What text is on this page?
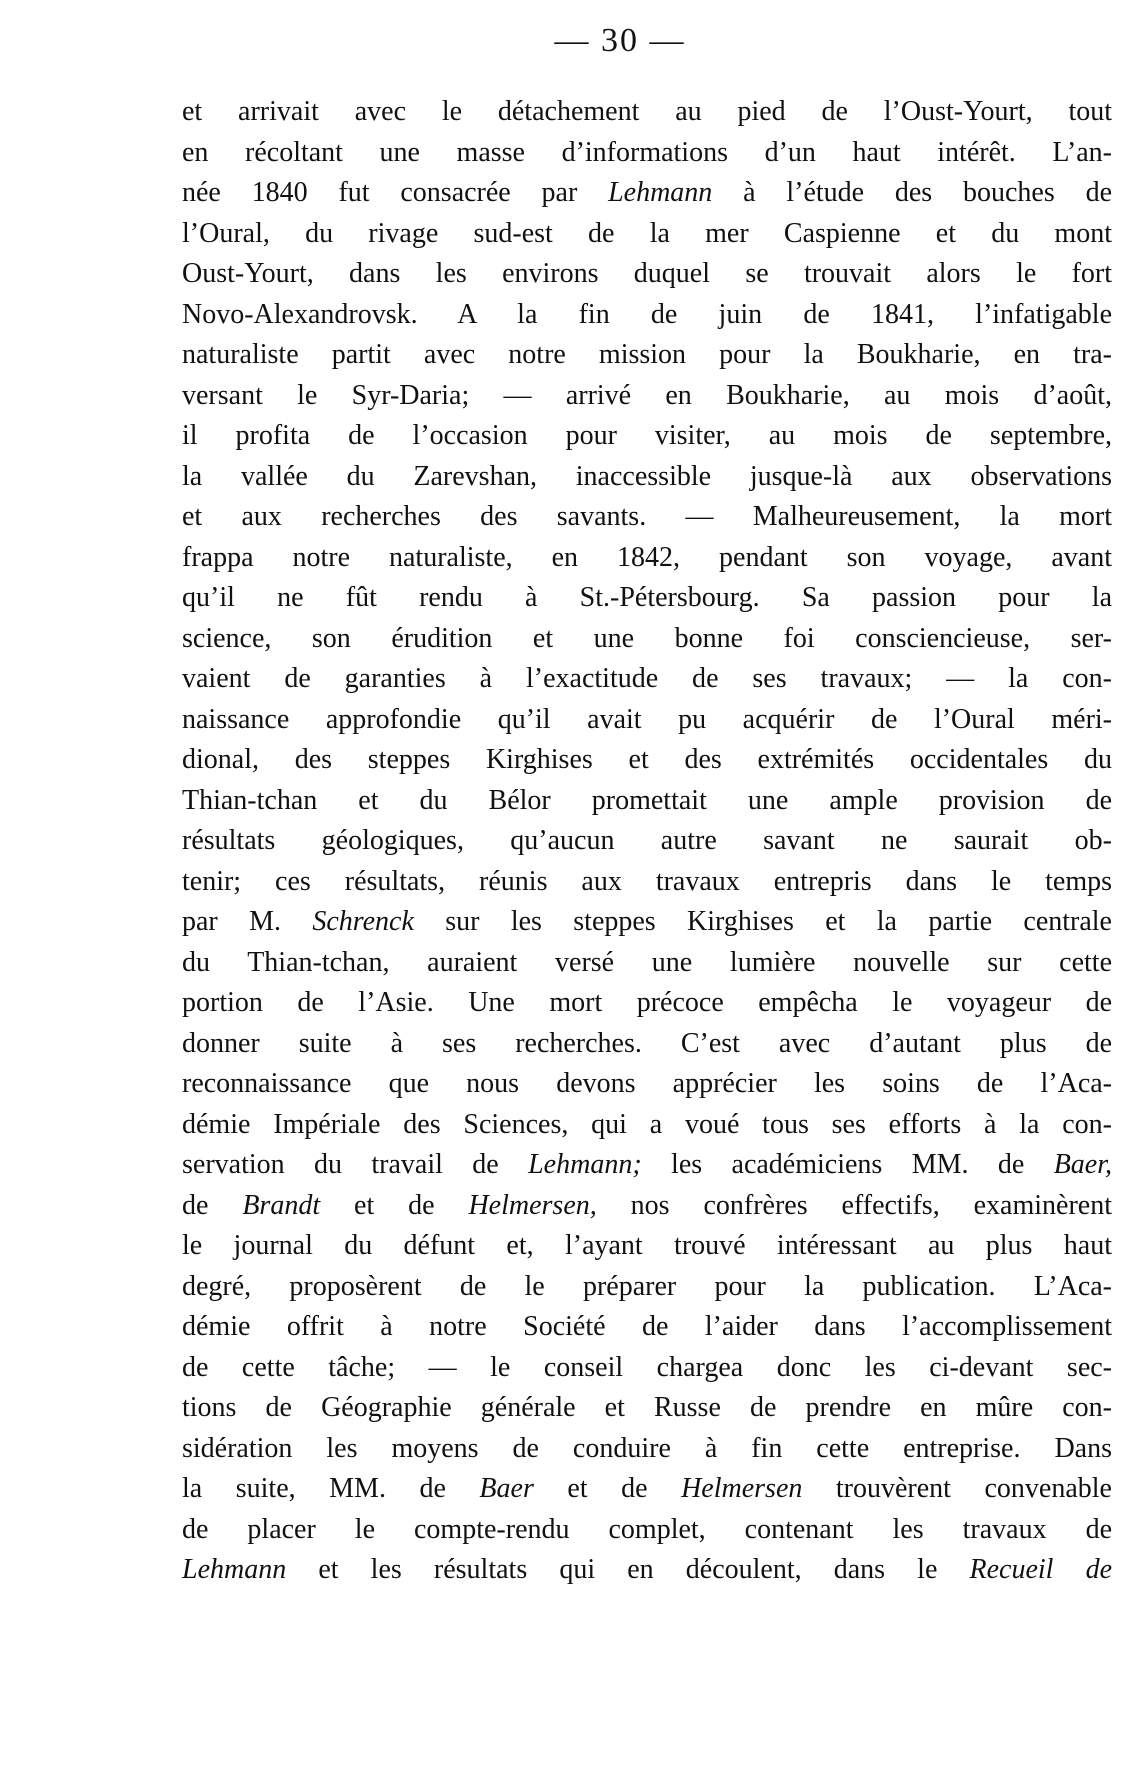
— 30 —
et arrivait avec le détachement au pied de l’Oust-Yourt, tout
en récoltant une masse d’informations d’un haut intérêt. L’an-
née 1840 fut consacrée par Lehmann à l’étude des bouches de
l’Oural, du rivage sud-est de la mer Caspienne et du mont
Oust-Yourt, dans les environs duquel se trouvait alors le fort
Novo-Alexandrovsk. A la fin de juin de 1841, l’infatigable
naturaliste partit avec notre mission pour la Boukharie, en tra-
versant le Syr-Daria; — arrivé en Boukharie, au mois d’août,
il profita de l’occasion pour visiter, au mois de septembre,
la vallée du Zarevshan, inaccessible jusque-là aux observations
et aux recherches des savants. — Malheureusement, la mort
frappa notre naturaliste, en 1842, pendant son voyage, avant
qu’il ne fût rendu à St.-Pétersbourg. Sa passion pour la
science, son érudition et une bonne foi consciencieuse, ser-
vaient de garanties à l’exactitude de ses travaux; — la con-
naissance approfondie qu’il avait pu acquérir de l’Oural méri-
dional, des steppes Kirghises et des extrémités occidentales du
Thian-tchan et du Bélor promettait une ample provision de
résultats géologiques, qu’aucun autre savant ne saurait ob-
tenir; ces résultats, réunis aux travaux entrepris dans le temps
par M. Schrenck sur les steppes Kirghises et la partie centrale
du Thian-tchan, auraient versé une lumière nouvelle sur cette
portion de l’Asie. Une mort précoce empêcha le voyageur de
donner suite à ses recherches. C’est avec d’autant plus de
reconnaissance que nous devons apprécier les soins de l’Aca-
démie Impériale des Sciences, qui a voué tous ses efforts à la con-
servation du travail de Lehmann; les académiciens MM. de Baer,
de Brandt et de Helmersen, nos confrères effectifs, examinèrent
le journal du défunt et, l’ayant trouvé intéressant au plus haut
degré, proposèrent de le préparer pour la publication. L’Aca-
démie offrit à notre Société de l’aider dans l’accomplissement
de cette tâche; — le conseil chargea donc les ci-devant sec-
tions de Géographie générale et Russe de prendre en mûre con-
sidération les moyens de conduire à fin cette entreprise. Dans
la suite, MM. de Baer et de Helmersen trouvèrent convenable
de placer le compte-rendu complet, contenant les travaux de
Lehmann et les résultats qui en découlent, dans le Recueil de
